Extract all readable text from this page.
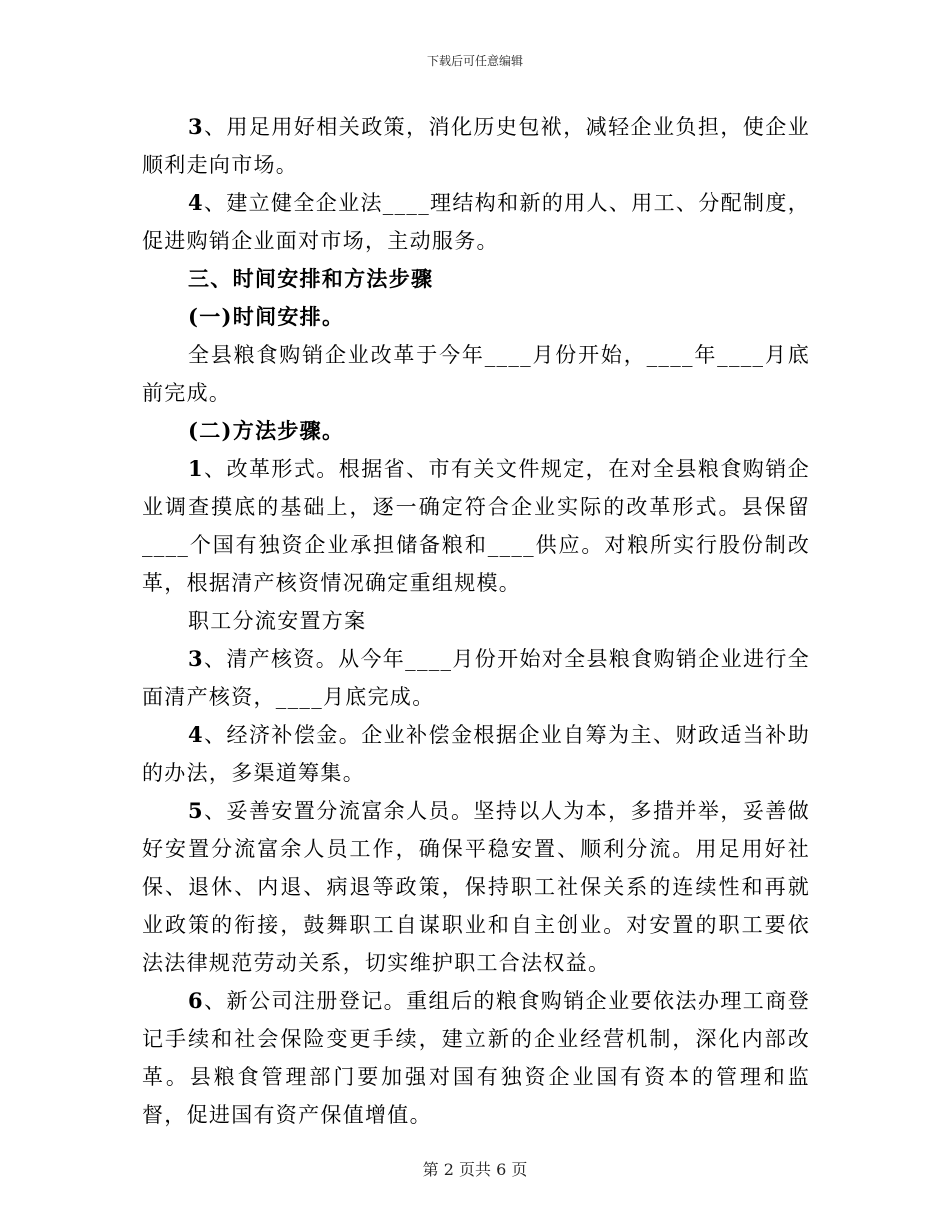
下载后可任意编辑

3、用足用好相关政策，消化历史包袱，减轻企业负担，使企业顺利走向市场。

4、建立健全企业法____理结构和新的用人、用工、分配制度，促进购销企业面对市场，主动服务。

三、时间安排和方法步骤

(一)时间安排。

全县粮食购销企业改革于今年____月份开始，____年____月底前完成。

(二)方法步骤。

1、改革形式。根据省、市有关文件规定，在对全县粮食购销企业调查摸底的基础上，逐一确定符合企业实际的改革形式。县保留____个国有独资企业承担储备粮和____供应。对粮所实行股份制改革，根据清产核资情况确定重组规模。

职工分流安置方案

3、清产核资。从今年____月份开始对全县粮食购销企业进行全面清产核资，____月底完成。

4、经济补偿金。企业补偿金根据企业自筹为主、财政适当补助的办法，多渠道筹集。

5、妥善安置分流富余人员。坚持以人为本，多措并举，妥善做好安置分流富余人员工作，确保平稳安置、顺利分流。用足用好社保、退休、内退、病退等政策，保持职工社保关系的连续性和再就业政策的衔接，鼓舞职工自谋职业和自主创业。对安置的职工要依法法律规范劳动关系，切实维护职工合法权益。

6、新公司注册登记。重组后的粮食购销企业要依法办理工商登记手续和社会保险变更手续，建立新的企业经营机制，深化内部改革。县粮食管理部门要加强对国有独资企业国有资本的管理和监督，促进国有资产保值增值。

第 2 页共 6 页
